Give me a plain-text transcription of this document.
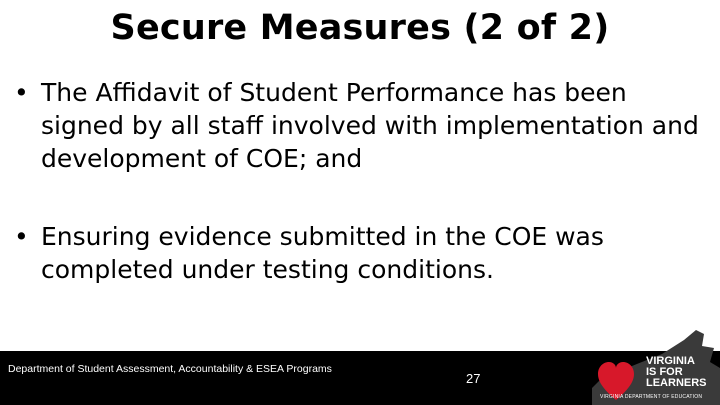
Secure Measures (2 of 2)
• The Affidavit of Student Performance has been signed by all staff involved with implementation and development of COE; and
• Ensuring evidence submitted in the COE was completed under testing conditions.
Department of Student Assessment, Accountability & ESEA Programs
27
VIRGINIA
IS FOR
LEARNERS
VIRGINIA DEPARTMENT OF EDUCATION
